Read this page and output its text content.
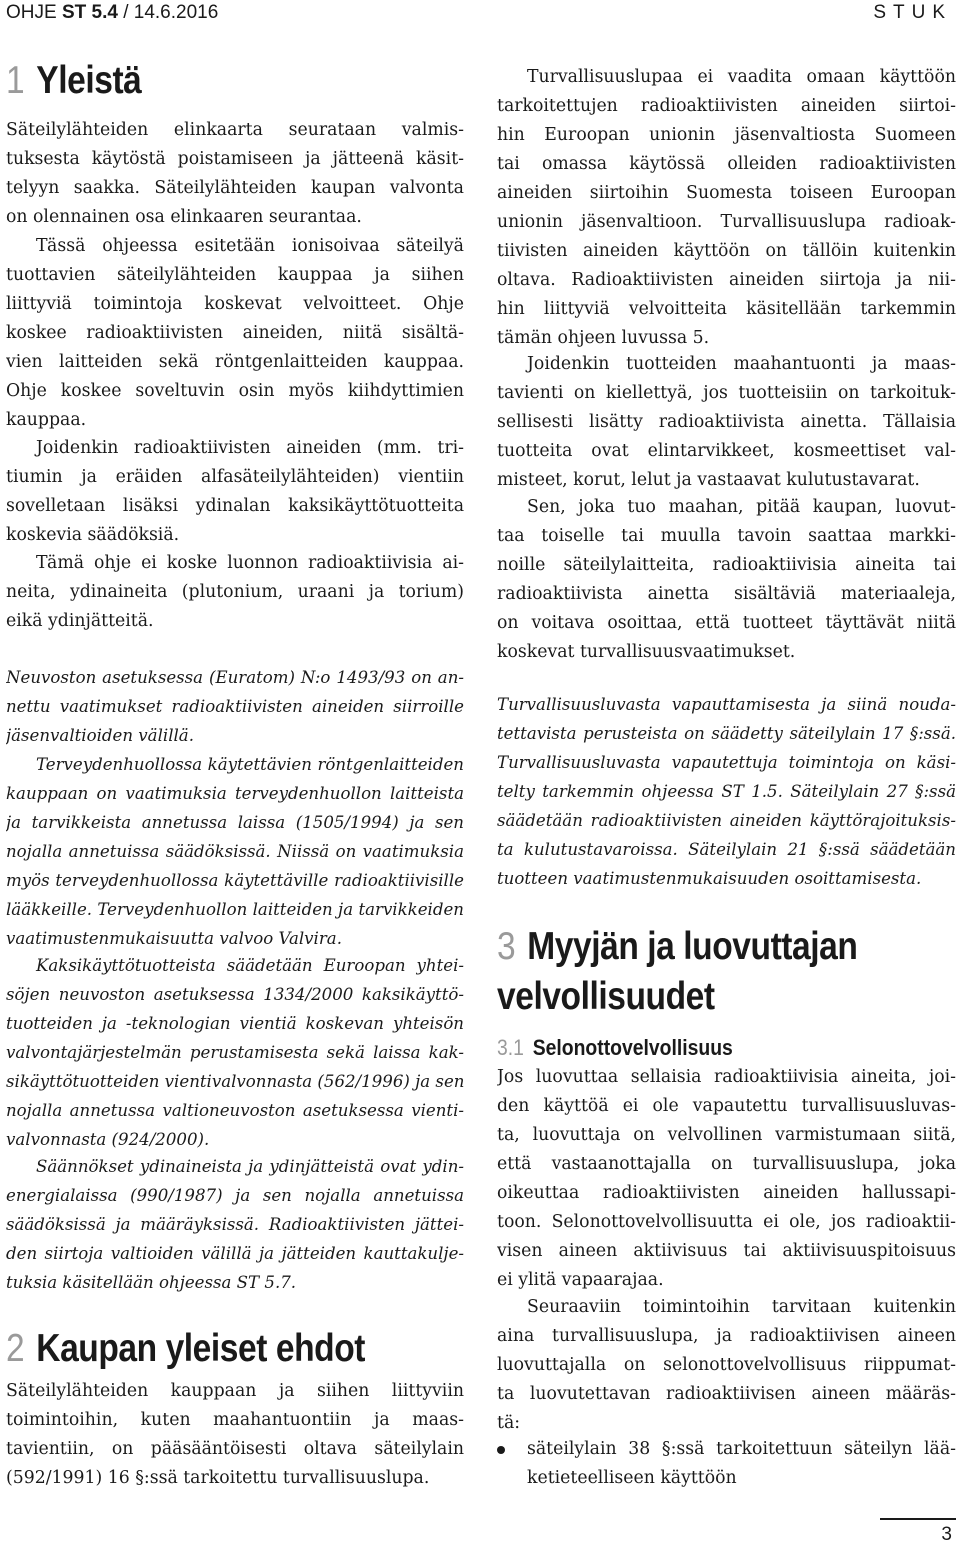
OHJE ST 5.4 / 14.6.2016	STUK
1 Yleistä
Säteilylähteiden elinkaarta seurataan valmis-
tuksesta käytöstä poistamiseen ja jätteenä käsit-
telyyn saakka. Säteilylähteiden kaupan valvonta
on olennainen osa elinkaaren seurantaa.
Tässä ohjeessa esitetään ionisoivaa säteilyä
tuottavien säteilylähteiden kauppaa ja siihen
liittyviä toimintoja koskevat velvoitteet. Ohje
koskee radioaktiivisten aineiden, niitä sisältä-
vien laitteiden sekä röntgenlaitteiden kauppaa.
Ohje koskee soveltuvin osin myös kiihdyttimien
kauppaa.
Joidenkin radioaktiivisten aineiden (mm. tri-
tiumin ja eräiden alfasäteilylähteiden) vientiin
sovelletaan lisäksi ydinalan kaksikäyttötuotteita
koskevia säädöksiä.
Tämä ohje ei koske luonnon radioaktiivisia ai-
neita, ydinaineita (plutonium, uraani ja torium)
eikä ydinjätteitä.
Neuvoston asetuksessa (Euratom) N:o 1493/93 on an-
nettu vaatimukset radioaktiivisten aineiden siirroille
jäsenvaltioiden välillä.
Terveydenhuollossa käytettävien röntgenlaitteiden
kauppaan on vaatimuksia terveydenhuollon laitteista
ja tarvikkeista annetussa laissa (1505/1994) ja sen
nojalla annetuissa säädöksissä. Niissä on vaatimuksia
myös terveydenhuollossa käytettäville radioaktiivisille
lääkkeille. Terveydenhuollon laitteiden ja tarvikkeiden
vaatimustenmukaisuutta valvoo Valvira.
Kaksikäyttötuotteista säädetään Euroopan yhtei-
söjen neuvoston asetuksessa 1334/2000 kaksikäyttö-
tuotteiden ja -teknologian vientiä koskevan yhteisön
valvontajärjestelmän perustamisesta sekä laissa kak-
sikäyttötuotteiden vientivalvonnasta (562/1996) ja sen
nojalla annetussa valtioneuvoston asetuksessa vienti-
valvonnasta (924/2000).
Säännökset ydinaineista ja ydinjätteistä ovat ydin-
energialaissa (990/1987) ja sen nojalla annetuissa
säädöksissä ja määräyksissä. Radioaktiivisten jättei-
den siirtoja valtioiden välillä ja jätteiden kauttakulje-
tuksia käsitellään ohjeessa ST 5.7.
2 Kaupan yleiset ehdot
Säteilylähteiden kauppaan ja siihen liittyviin
toimintoihin, kuten maahantuontiin ja maas-
tavientiin, on pääsääntöisesti oltava säteilylain
(592/1991) 16 §:ssä tarkoitettu turvallisuuslupa.
Turvallisuuslupaa ei vaadita omaan käyttöön
tarkoitettujen radioaktiivisten aineiden siirtoi-
hin Euroopan unionin jäsenvaltiosta Suomeen
tai omassa käytössä olleiden radioaktiivisten
aineiden siirtoihin Suomesta toiseen Euroopan
unionin jäsenvaltioon. Turvallisuuslupa radioak-
tiivisten aineiden käyttöön on tällöin kuitenkin
oltava. Radioaktiivisten aineiden siirtoja ja nii-
hin liittyviä velvoitteita käsitellään tarkemmin
tämän ohjeen luvussa 5.
Joidenkin tuotteiden maahantuonti ja maas-
tavienti on kiellettyä, jos tuotteisiin on tarkoituk-
sellisesti lisätty radioaktiivista ainetta. Tällaisia
tuotteita ovat elintarvikkeet, kosmeettiset val-
misteet, korut, lelut ja vastaavat kulutustavarat.
Sen, joka tuo maahan, pitää kaupan, luovut-
taa toiselle tai muulla tavoin saattaa markki-
noille säteilylaitteita, radioaktiivisia aineita tai
radioaktiivista ainetta sisältäviä materiaaleja,
on voitava osoittaa, että tuotteet täyttävät niitä
koskevat turvallisuusvaatimukset.
Turvallisuusluvasta vapauttamisesta ja siinä nouda-
tettavista perusteista on säädetty säteilylain 17 §:ssä.
Turvallisuusluvasta vapautettuja toimintoja on käsi-
telty tarkemmin ohjeessa ST 1.5. Säteilylain 27 §:ssä
säädetään radioaktiivisten aineiden käyttörajoituksis-
ta kulutustavaroissa. Säteilylain 21 §:ssä säädetään
tuotteen vaatimustenmukaisuuden osoittamisesta.
3 Myyjän ja luovuttajan
velvollisuudet
3.1 Selonottovelvollisuus
Jos luovuttaa sellaisia radioaktiivisia aineita, joi-
den käyttöä ei ole vapautettu turvallisuusluvas-
ta, luovuttaja on velvollinen varmistumaan siitä,
että vastaanottajalla on turvallisuuslupa, joka
oikeuttaa radioaktiivisten aineiden hallussapi-
toon. Selonottovelvollisuutta ei ole, jos radioaktii-
visen aineen aktiivisuus tai aktiivisuuspitoisuus
ei ylitä vapaarajaa.
Seuraaviin toimintoihin tarvitaan kuitenkin
aina turvallisuuslupa, ja radioaktiivisen aineen
luovuttajalla on selonottovelvollisuus riippumat-
ta luovutettavan radioaktiivisen aineen määräs-
tä:
säteilylain 38 §:ssä tarkoitettuun säteilyn lää-
ketieteelliseen käyttöön
3
